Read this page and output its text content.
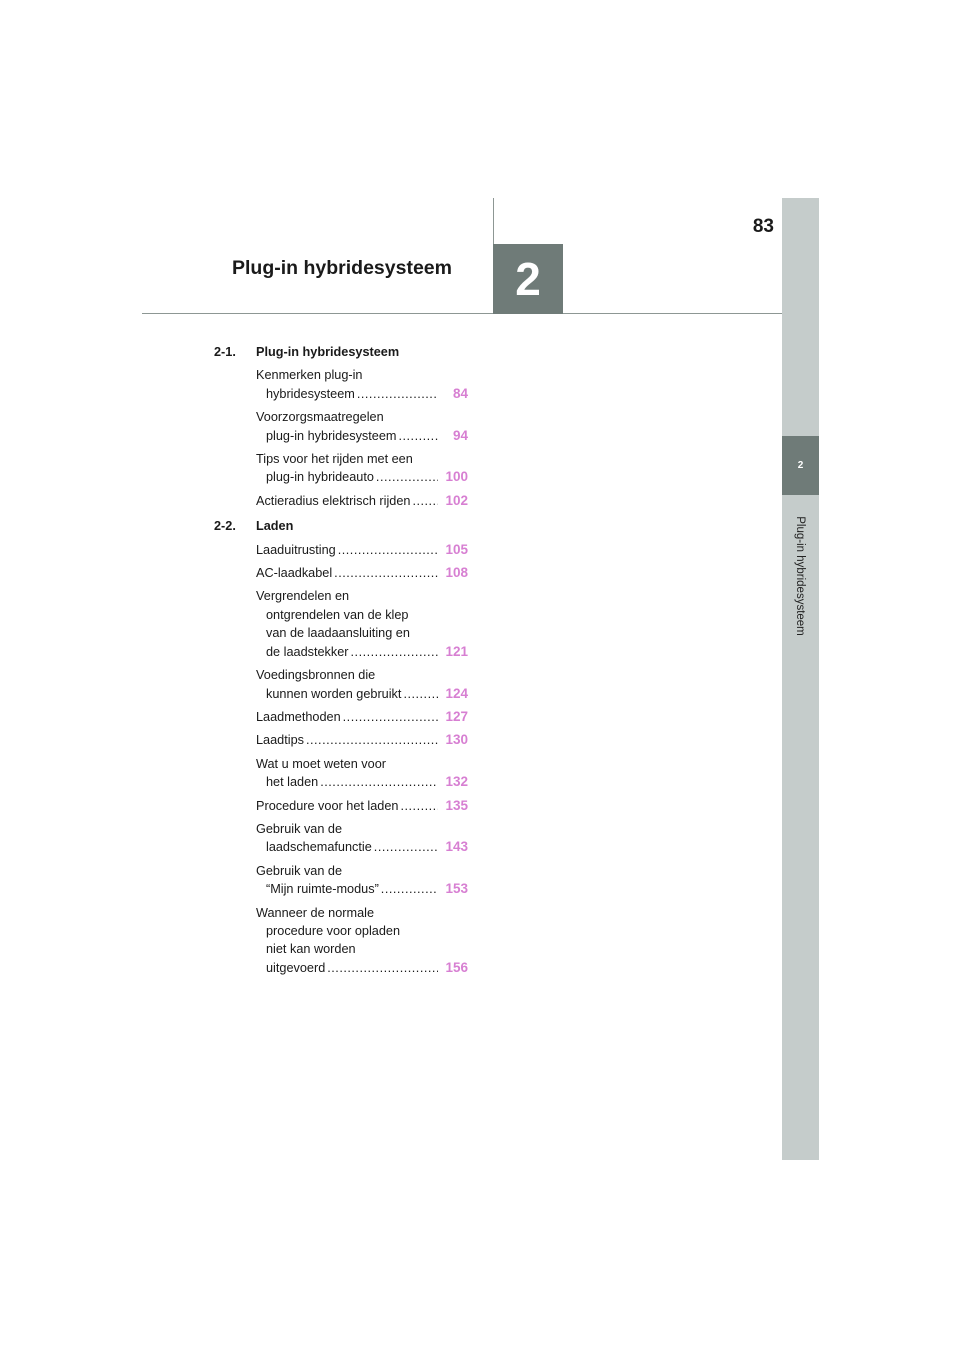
83
2
Plug-in hybridesysteem
2
Plug-in hybridesysteem
2-1.	Plug-in hybridesysteem
Kenmerken plug-in
hybridesysteem .....	84
Voorzorgsmaatregelen
plug-in hybridesysteem .....	94
Tips voor het rijden met een
plug-in hybrideauto .....	100
Actieradius elektrisch rijden .....	102
2-2.	Laden
Laaduitrusting .....	105
AC-laadkabel .....	108
Vergrendelen en
ontgrendelen van de klep
van de laadaansluiting en
de laadstekker .....	121
Voedingsbronnen die
kunnen worden gebruikt .....	124
Laadmethoden .....	127
Laadtips .....	130
Wat u moet weten voor
het laden .....	132
Procedure voor het laden .....	135
Gebruik van de
laadschemafunctie .....	143
Gebruik van de
“Mijn ruimte-modus” .....	153
Wanneer de normale
procedure voor opladen
niet kan worden
uitgevoerd .....	156
